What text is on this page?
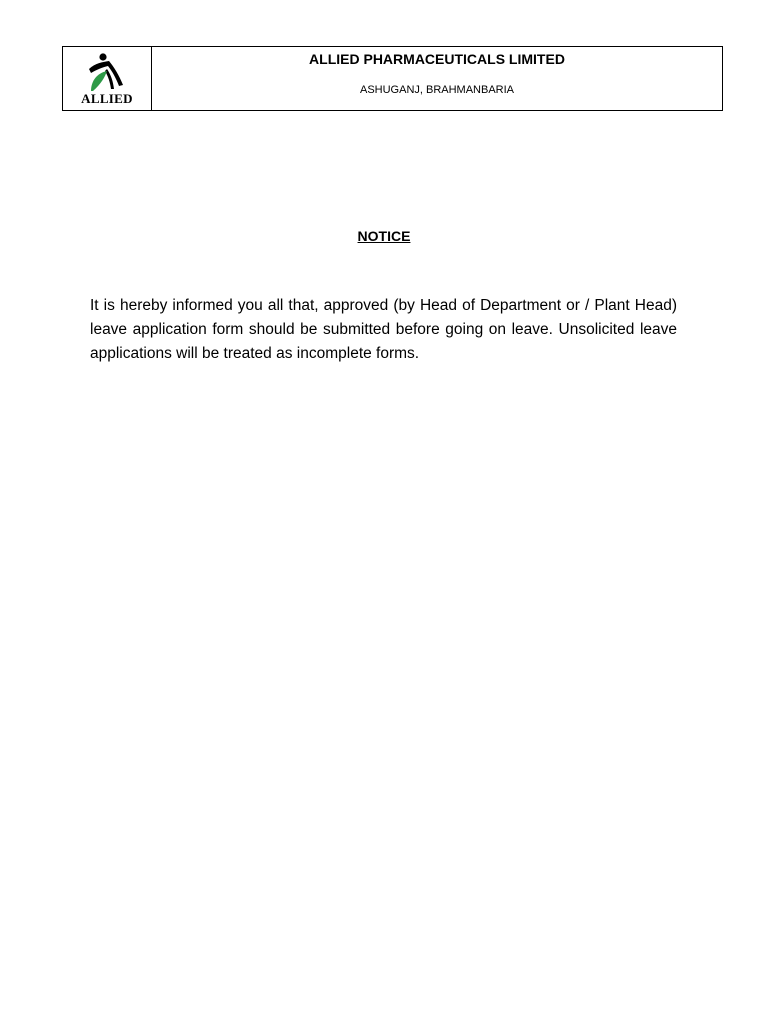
ALLIED
ALLIED PHARMACEUTICALS LIMITED
ASHUGANJ, BRAHMANBARIA
NOTICE

It is hereby informed you all that, approved (by Head of Department or / Plant Head) leave application form should be submitted before going on leave. Unsolicited leave applications will be treated as incomplete forms.
